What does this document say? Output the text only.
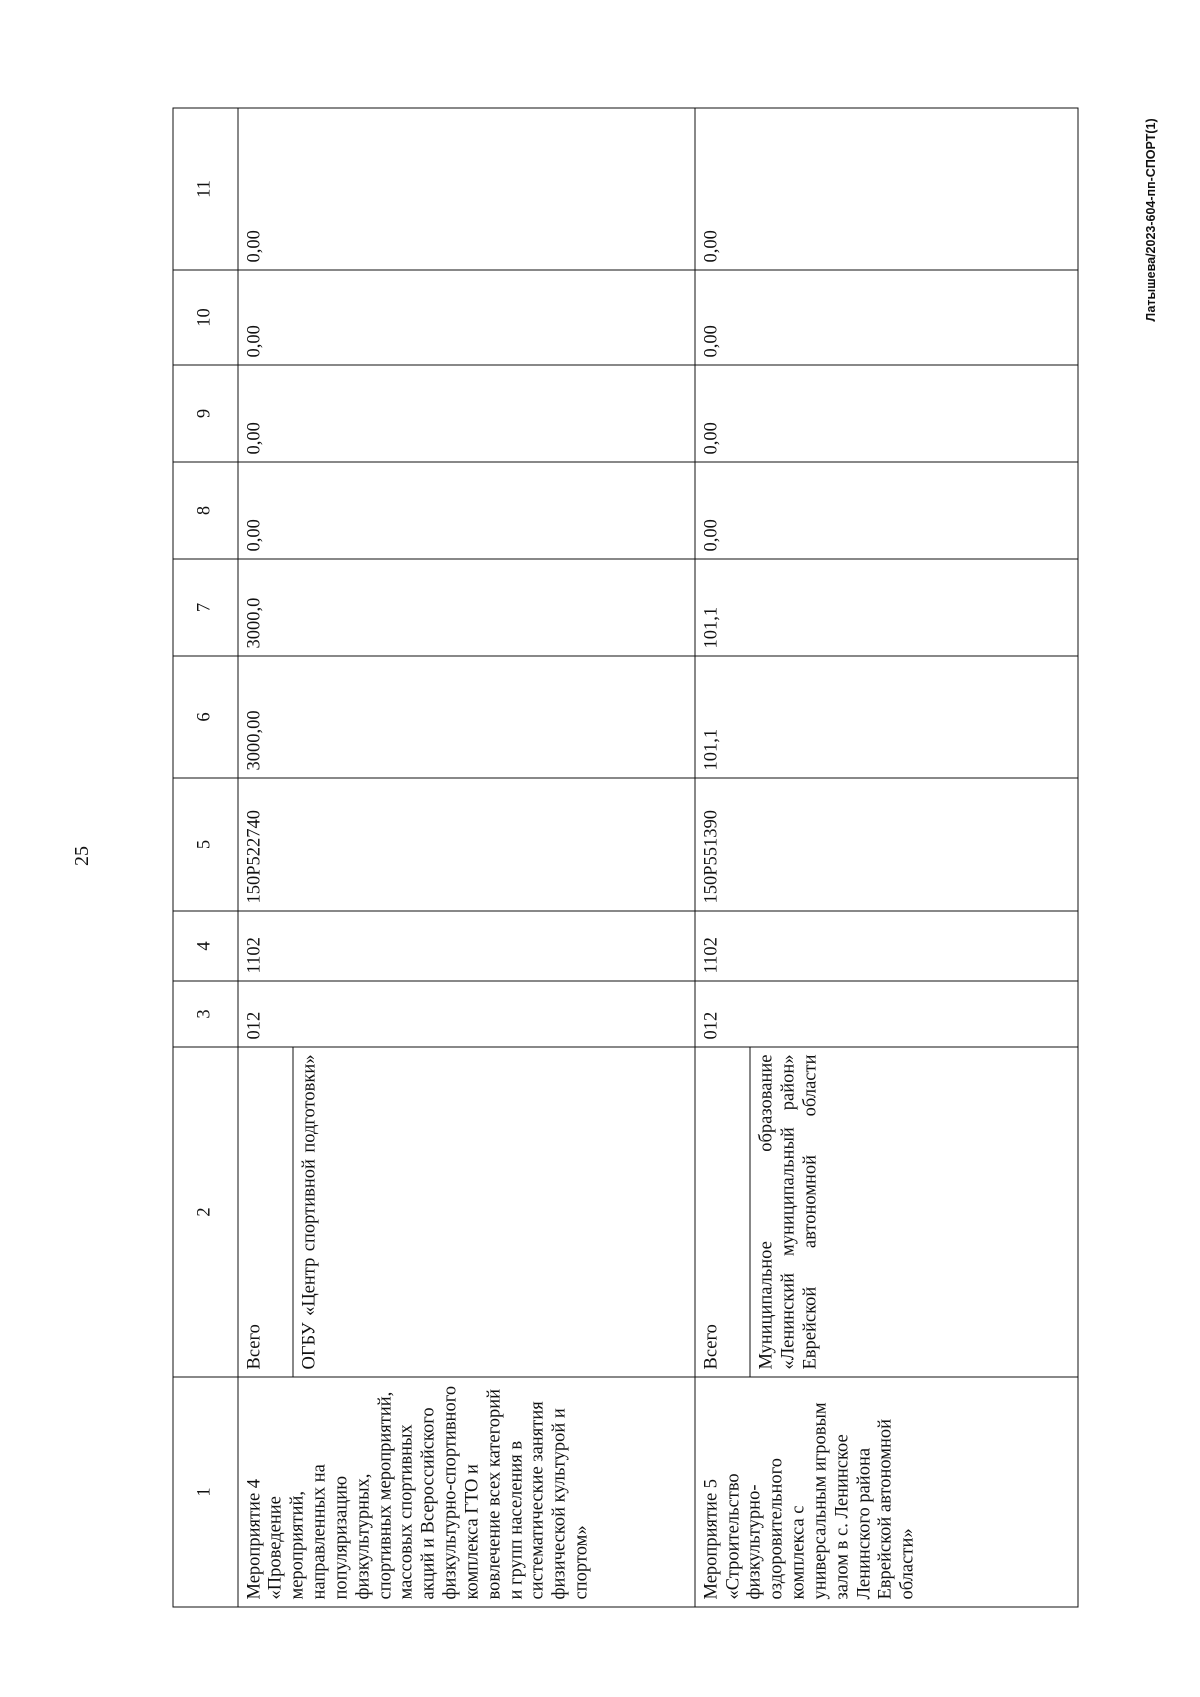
25
Латышева/2023-604-пп-СПОРТ(1)
1	2	3	4	5	6	7	8	9	10	11
Мероприятие 4 «Проведение мероприятий, направленных на популяризацию физкультурных, спортивных мероприятий, массовых спортивных акций и Всероссийского физкультурно-спортивного комплекса ГТО и вовлечение всех категорий и групп населения в систематические занятия физической культурой и спортом»	Всего	012	1102	150Р522740	3000,00	3000,0	0,00	0,00	0,00	0,00
	ОГБУ «Центр спортивной подготовки»									
Мероприятие 5 «Строительство физкультурно-оздоровительного комплекса с универсальным игровым залом в с. Ленинское Ленинского района Еврейской автономной области»	Всего	012	1102	150Р551390	101,1	101,1	0,00	0,00	0,00	0,00
	Муниципальное образование «Ленинский муниципальный район» Еврейской автономной области									
